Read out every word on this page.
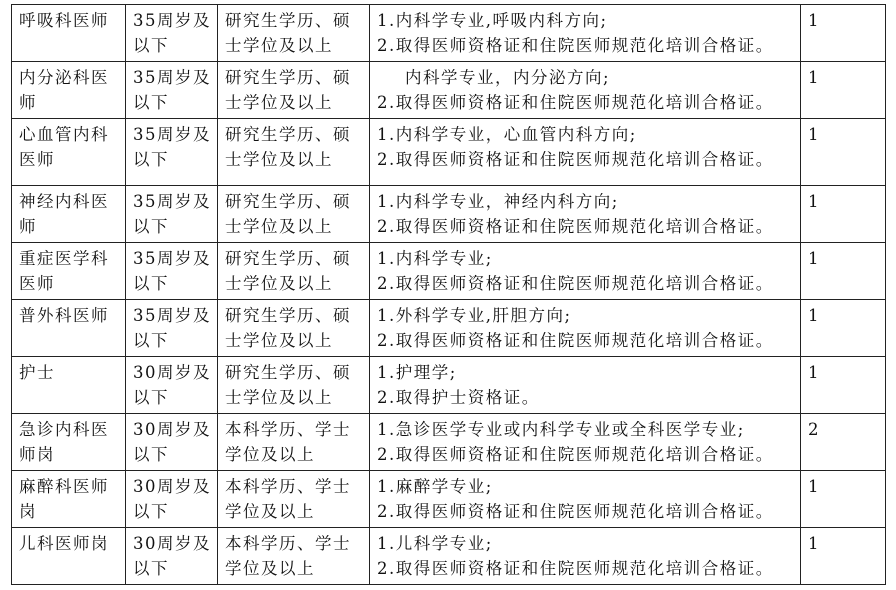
呼吸科医师	35周岁及以下	研究生学历、硕士学位及以上	1.内科学专业,呼吸内科方向;
2.取得医师资格证和住院医师规范化培训合格证。	1
内分泌科医师	35周岁及以下	研究生学历、硕士学位及以上	内科学专业，内分泌方向;
2.取得医师资格证和住院医师规范化培训合格证。	1
心血管内科医师	35周岁及以下	研究生学历、硕士学位及以上	1.内科学专业，心血管内科方向;
2.取得医师资格证和住院医师规范化培训合格证。	1
神经内科医师	35周岁及以下	研究生学历、硕士学位及以上	1.内科学专业，神经内科方向;
2.取得医师资格证和住院医师规范化培训合格证。	1
重症医学科医师	35周岁及以下	研究生学历、硕士学位及以上	1.内科学专业;
2.取得医师资格证和住院医师规范化培训合格证。	1
普外科医师	35周岁及以下	研究生学历、硕士学位及以上	1.外科学专业,肝胆方向;
2.取得医师资格证和住院医师规范化培训合格证。	1
护士	30周岁及以下	研究生学历、硕士学位及以上	1.护理学;
2.取得护士资格证。	1
急诊内科医师岗	30周岁及以下	本科学历、学士学位及以上	1.急诊医学专业或内科学专业或全科医学专业;
2.取得医师资格证和住院医师规范化培训合格证。	2
麻醉科医师岗	30周岁及以下	本科学历、学士学位及以上	1.麻醉学专业;
2.取得医师资格证和住院医师规范化培训合格证。	1
儿科医师岗	30周岁及以下	本科学历、学士学位及以上	1.儿科学专业;
2.取得医师资格证和住院医师规范化培训合格证。	1
